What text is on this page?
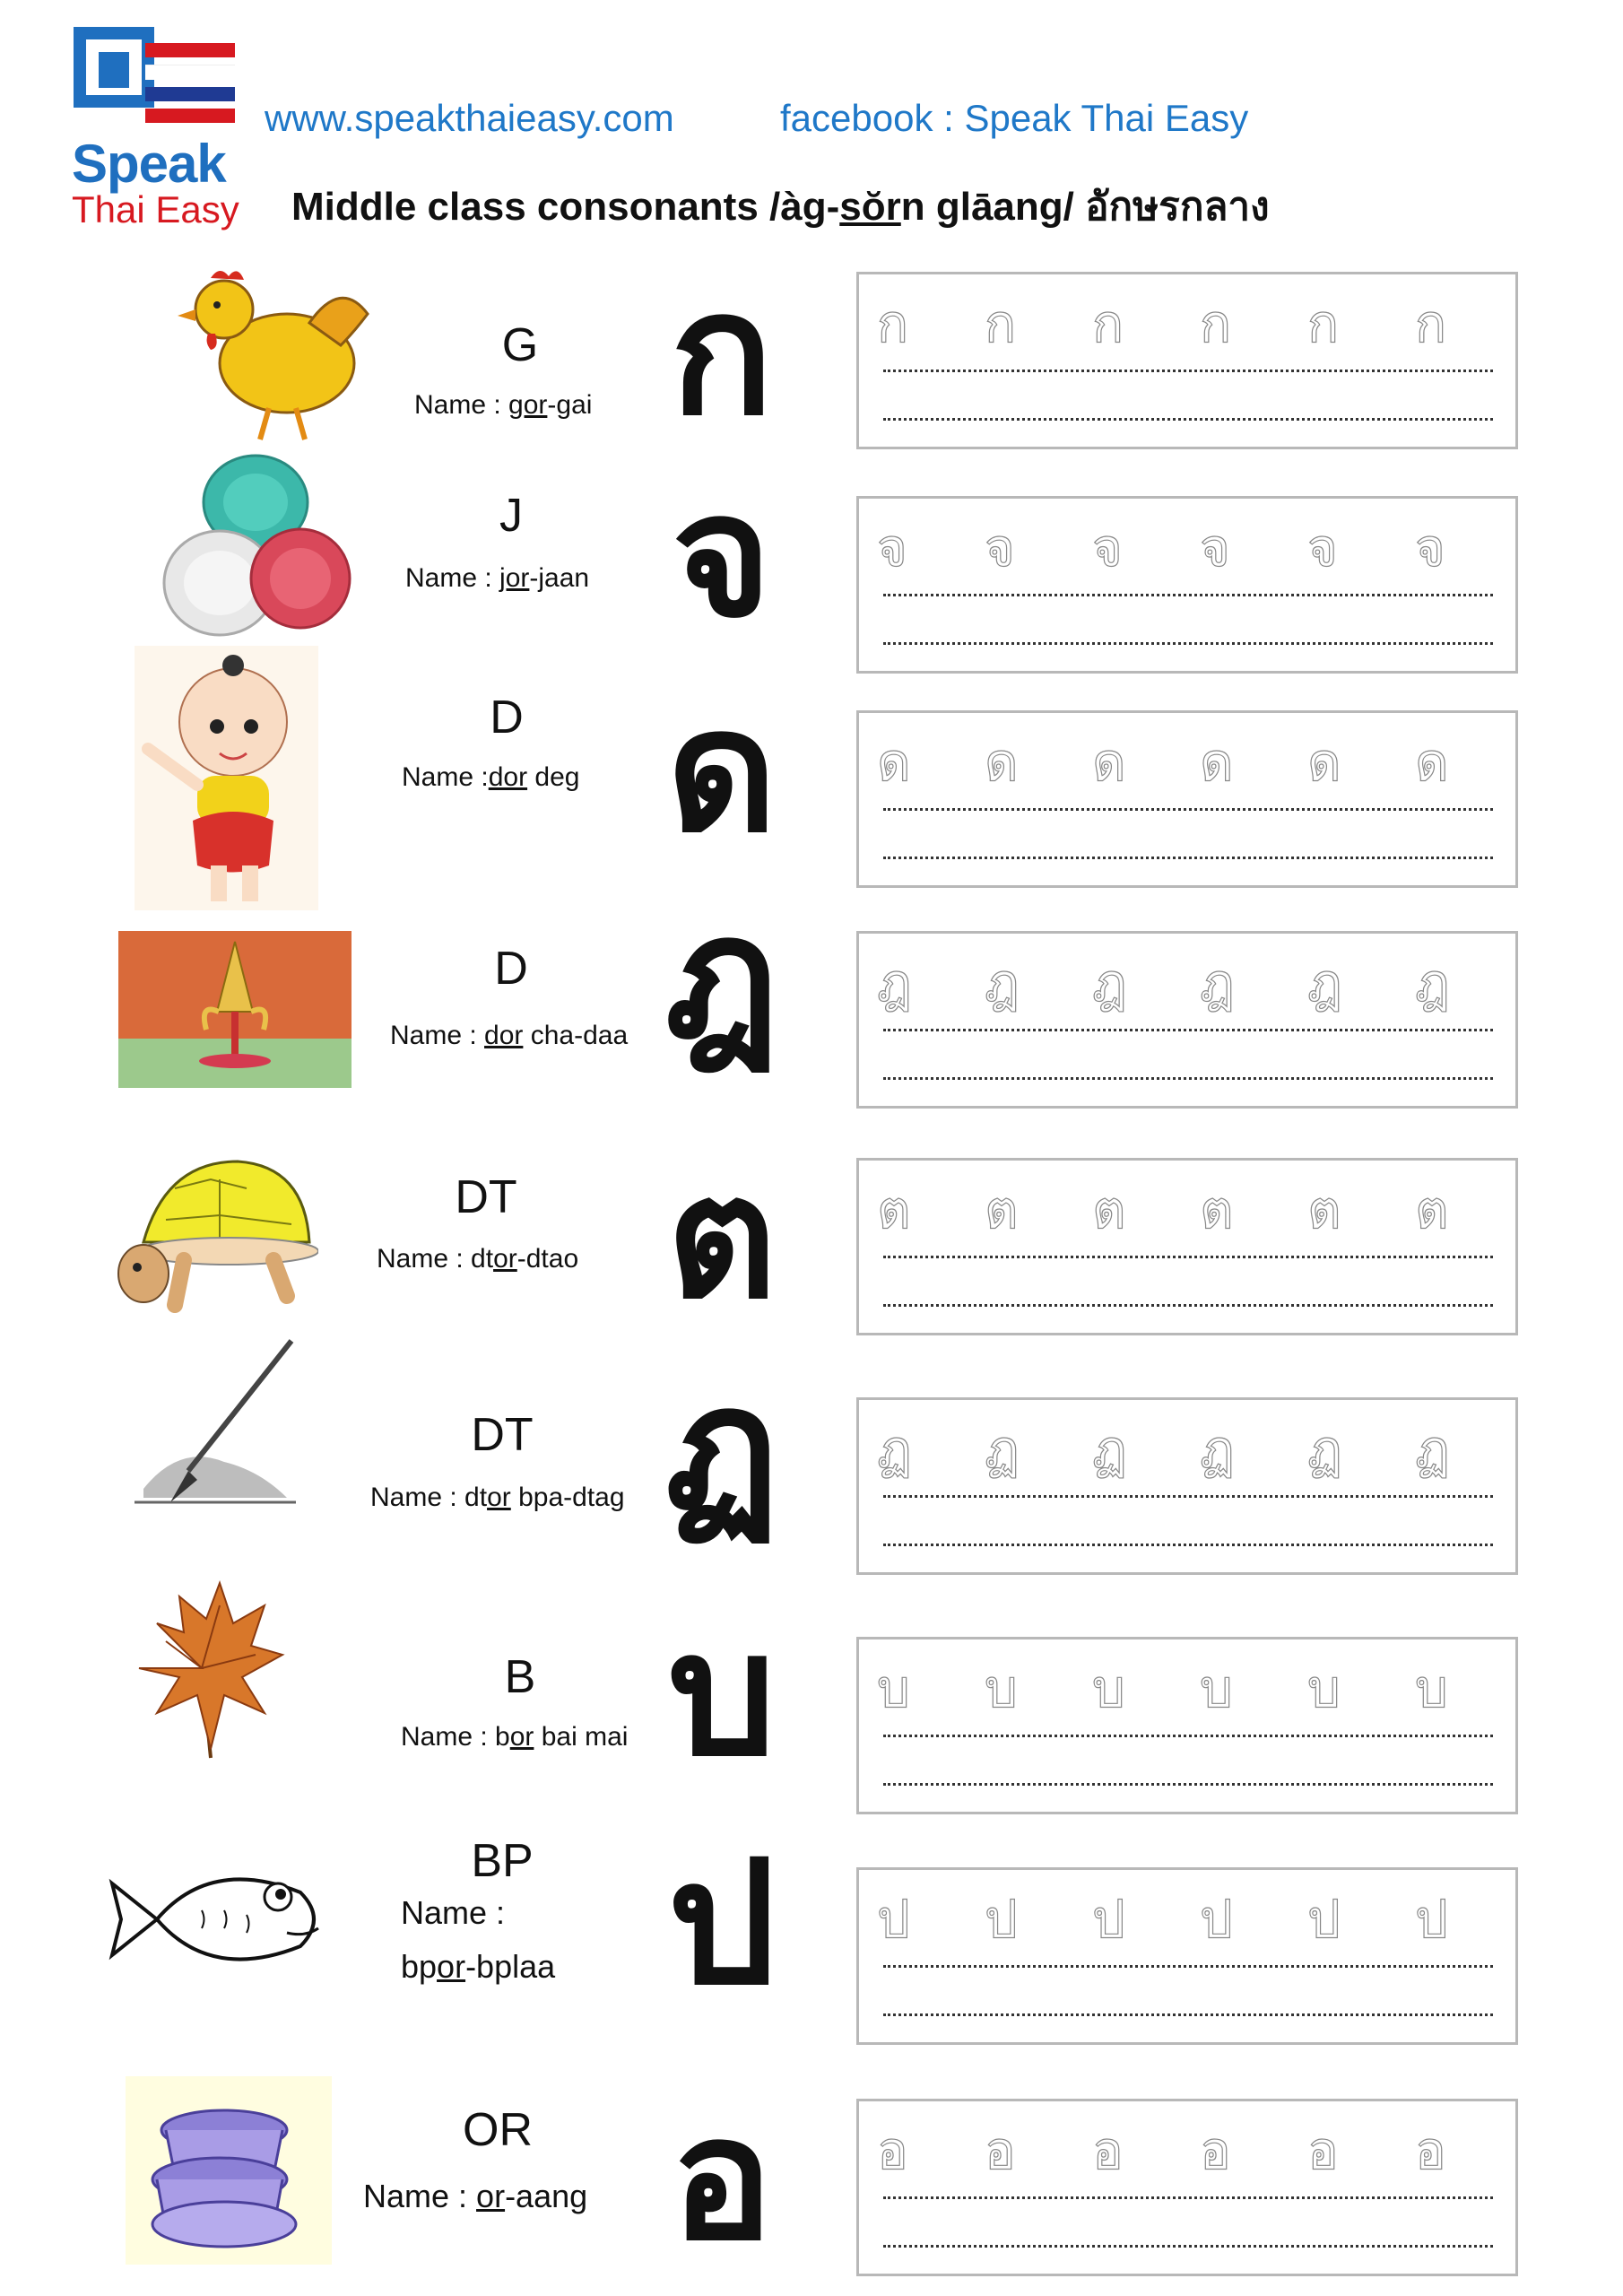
Speak
Thai Easy
www.speakthaieasy.com	facebook : Speak Thai Easy
Middle class consonants /àg-sŏrn glāang/ อักษรกลาง
G
Name : gor-gai ก	ก ก ก ก ก ก
J
Name : jor-jaan จ	จ จ จ จ จ จ
D
Name :dor deg ด	ด ด ด ด ด ด
D
Name : dor cha-daa ฎ	ฎ ฎ ฎ ฎ ฎ ฎ
DT
Name : dtor-dtao ต	ต ต ต ต ต ต
DT
Name : dtor bpa-dtag ฏ	ฏ ฏ ฏ ฏ ฏ ฏ
B
Name : bor bai mai บ	บ บ บ บ บ บ
BP
Name :
bpor-bplaa ป	ป ป ป ป ป ป
OR
Name : or-aang อ	อ อ อ อ อ อ
